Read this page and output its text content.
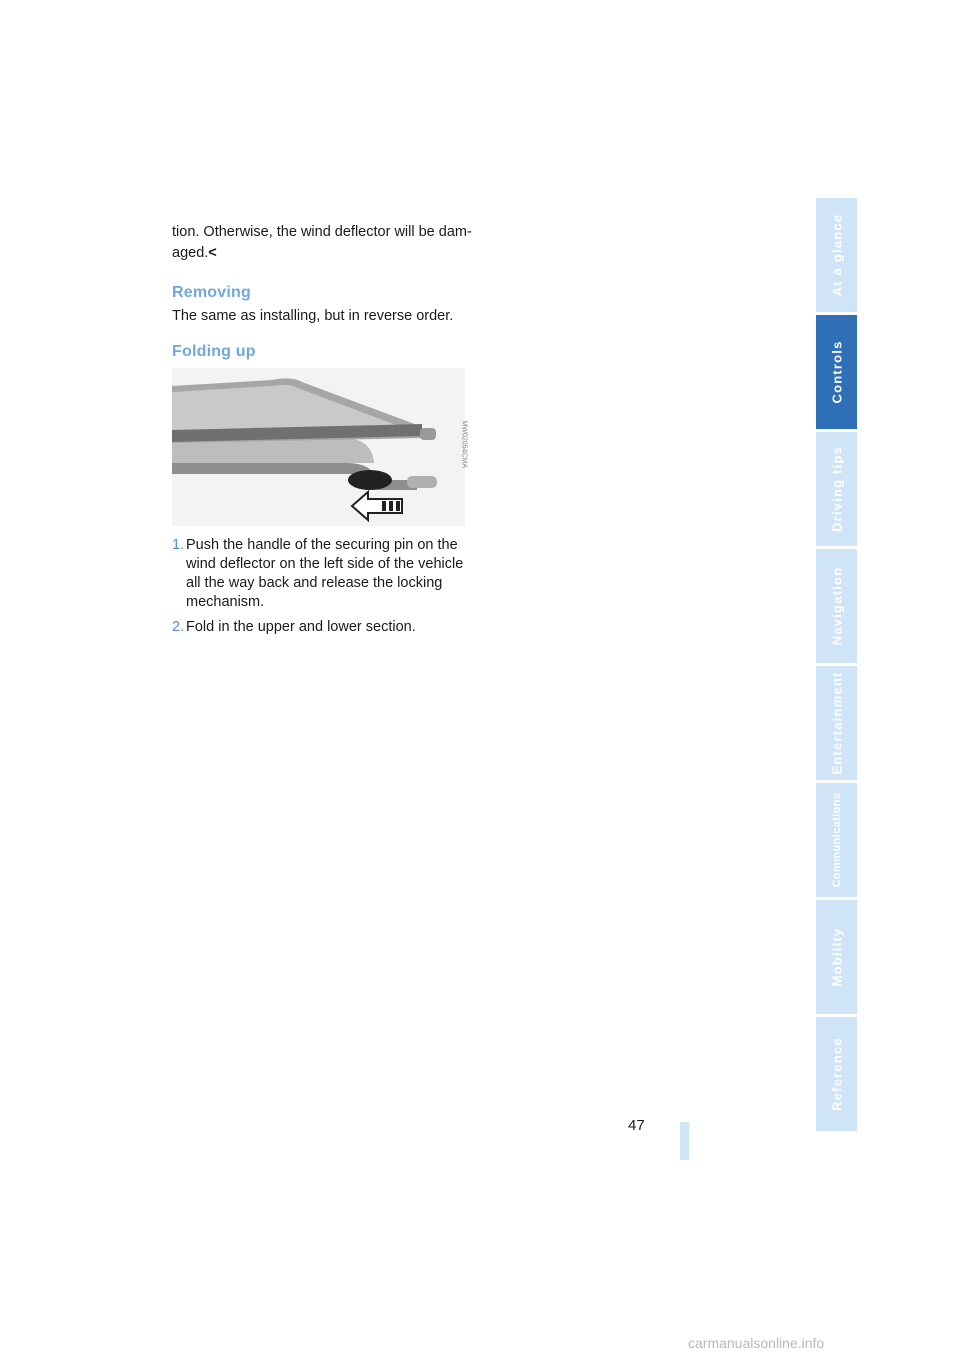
tion. Otherwise, the wind deflector will be dam-aged.<
Removing
The same as installing, but in reverse order.
Folding up
MW02054CMA
1. Push the handle of the securing pin on the wind deflector on the left side of the vehicle all the way back and release the locking mechanism.
2. Fold in the upper and lower section.
At a glance
Controls
Driving tips
Navigation
Entertainment
Communications
Mobility
Reference
47
carmanualsonline.info
